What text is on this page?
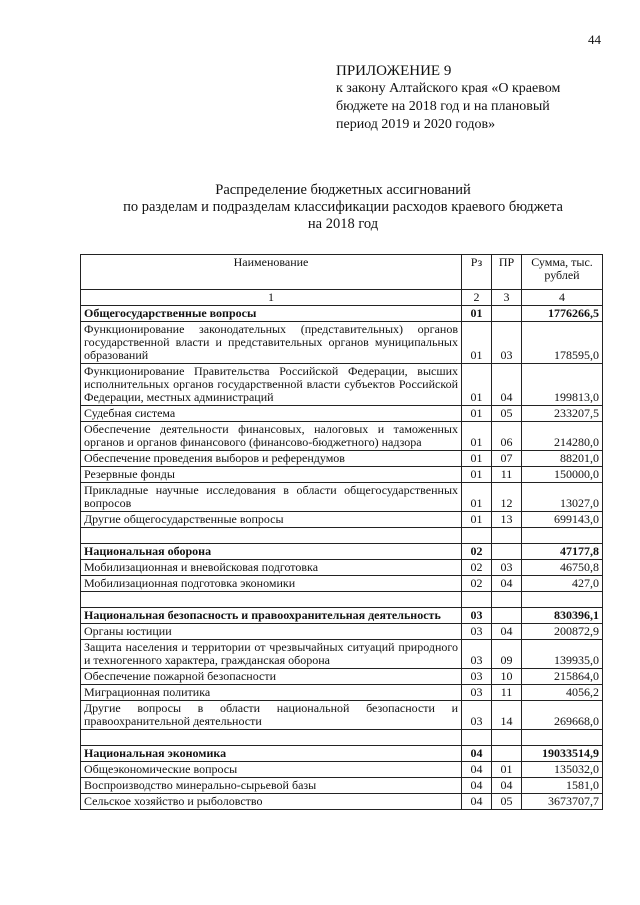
44
ПРИЛОЖЕНИЕ 9
к закону Алтайского края «О краевом
бюджете на 2018 год и на плановый
период 2019 и 2020 годов»
Распределение бюджетных ассигнований
по разделам и подразделам классификации расходов краевого бюджета
на 2018 год
Наименование	Рз	ПР	Сумма, тыс. рублей
1	2	3	4
Общегосударственные вопросы	01		1776266,5
Функционирование законодательных (представительных) органов государственной власти и представительных органов муниципальных образований	01	03	178595,0
Функционирование Правительства Российской Федерации, высших исполнительных органов государственной власти субъектов Российской Федерации, местных администраций	01	04	199813,0
Судебная система	01	05	233207,5
Обеспечение деятельности финансовых, налоговых и таможенных органов и органов финансового (финансово-бюджетного) надзора	01	06	214280,0
Обеспечение проведения выборов и референдумов	01	07	88201,0
Резервные фонды	01	11	150000,0
Прикладные научные исследования в области общегосударственных вопросов	01	12	13027,0
Другие общегосударственные вопросы	01	13	699143,0

Национальная оборона	02		47177,8
Мобилизационная и вневойсковая подготовка	02	03	46750,8
Мобилизационная подготовка экономики	02	04	427,0

Национальная безопасность и правоохранительная деятельность	03		830396,1
Органы юстиции	03	04	200872,9
Защита населения и территории от чрезвычайных ситуаций природного и техногенного характера, гражданская оборона	03	09	139935,0
Обеспечение пожарной безопасности	03	10	215864,0
Миграционная политика	03	11	4056,2
Другие вопросы в области национальной безопасности и правоохранительной деятельности	03	14	269668,0

Национальная экономика	04		19033514,9
Общеэкономические вопросы	04	01	135032,0
Воспроизводство минерально-сырьевой базы	04	04	1581,0
Сельское хозяйство и рыболовство	04	05	3673707,7
